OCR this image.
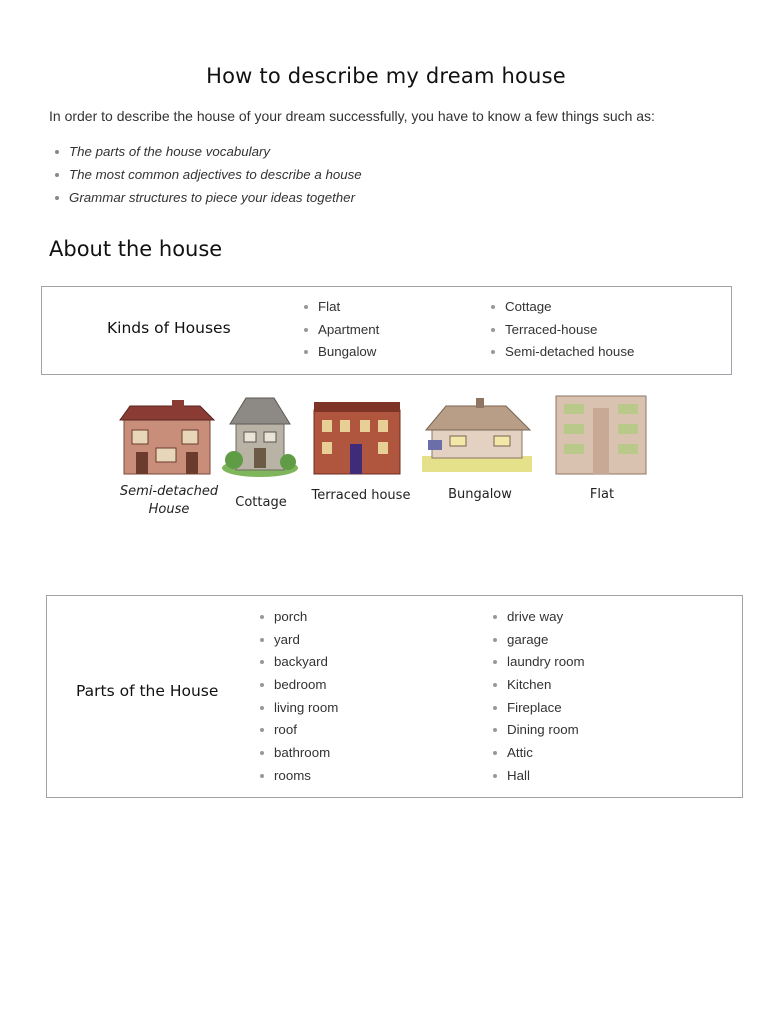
How to describe my dream house
In order to describe the house of your dream successfully, you have to know a few things such as:
The parts of the house vocabulary
The most common adjectives to describe a house
Grammar structures to piece your ideas together
About the house
Kinds of Houses
Flat
Apartment
Bungalow
Cottage
Terraced-house
Semi-detached house
Semi-detached
House	Cottage	Terraced house	Bungalow	Flat
Parts of the House
porch
yard
backyard
bedroom
living room
roof
bathroom
rooms
drive way
garage
laundry room
Kitchen
Fireplace
Dining room
Attic
Hall
